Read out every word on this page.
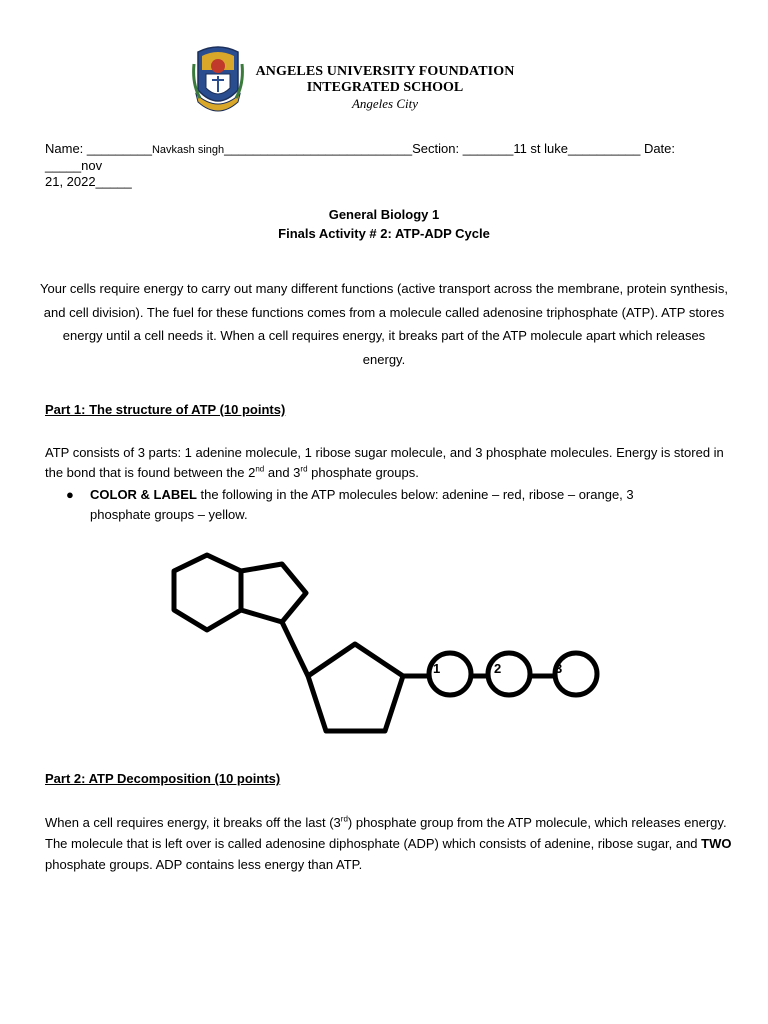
ANGELES UNIVERSITY FOUNDATION
INTEGRATED SCHOOL
Angeles City
Name: _________Navkash singh__________________________Section: _______11 st luke__________ Date: _____nov
21, 2022_____
General Biology 1
Finals Activity # 2: ATP-ADP Cycle
Your cells require energy to carry out many different functions (active transport across the membrane, protein synthesis, and cell division). The fuel for these functions comes from a molecule called adenosine triphosphate (ATP). ATP stores energy until a cell needs it. When a cell requires energy, it breaks part of the ATP molecule apart which releases energy.
Part 1: The structure of ATP (10 points)
ATP consists of 3 parts: 1 adenine molecule, 1 ribose sugar molecule, and 3 phosphate molecules. Energy is stored in the bond that is found between the 2nd and 3rd phosphate groups.
● COLOR & LABEL the following in the ATP molecules below: adenine – red, ribose – orange, 3 phosphate groups – yellow.
1	2	3
Part 2: ATP Decomposition (10 points)
When a cell requires energy, it breaks off the last (3rd) phosphate group from the ATP molecule, which releases energy. The molecule that is left over is called adenosine diphosphate (ADP) which consists of adenine, ribose sugar, and TWO phosphate groups. ADP contains less energy than ATP.
